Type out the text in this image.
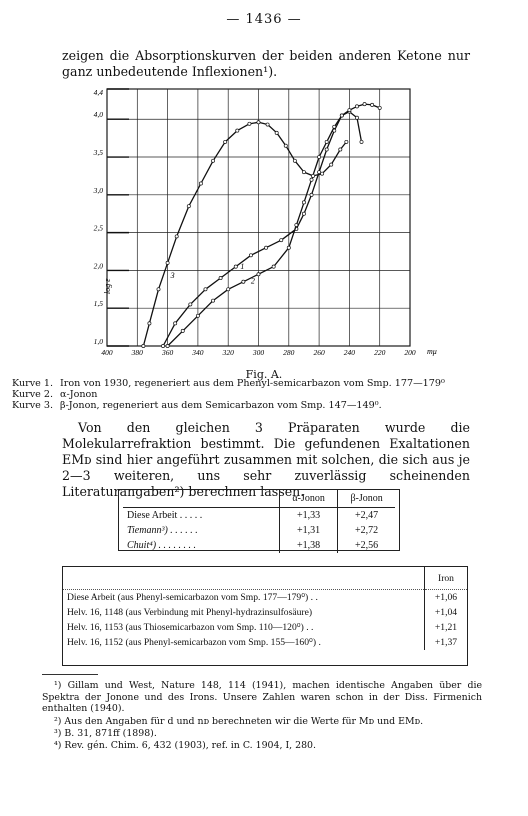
— 1436 —
zeigen die Absorptionskurven der beiden anderen Ketone nur ganz unbedeutende Inflexionen¹).
1,0
1,5
2,0
2,5
3,0
3,5
4,0
4,4
400	380	360	340	320	300	280	260	240	220	200
1
2
3
log ε
mμ
Fig. A.
Kurve 1. Iron von 1930, regeneriert aus dem Phenyl-semicarbazon vom Smp. 177—179⁰
Kurve 2. α-Jonon
Kurve 3. β-Jonon, regeneriert aus dem Semicarbazon vom Smp. 147—149⁰.
Von den gleichen 3 Präparaten wurde die Molekularrefraktion bestimmt. Die gefundenen Exaltationen EMᴅ sind hier angeführt zusammen mit solchen, die sich aus je 2—3 weiteren, uns sehr zuverlässig scheinenden Literaturangaben²) berechnen lassen.
	α-Jonon	β-Jonon
Diese Arbeit . . . . .	+1,33	+2,47
Tiemann³) . . . . . .	+1,31	+2,72
Chuit⁴) . . . . . . . .	+1,38	+2,56
	Iron
Diese Arbeit (aus Phenyl-semicarbazon vom Smp. 177—179⁰) . .	+1,06
Helv. 16, 1148 (aus Verbindung mit Phenyl-hydrazinsulfosäure)	+1,04
Helv. 16, 1153 (aus Thiosemicarbazon vom Smp. 110—120⁰) . .	+1,21
Helv. 16, 1152 (aus Phenyl-semicarbazon vom Smp. 155—160⁰) .	+1,37
¹) Gillam und West, Nature 148, 114 (1941), machen identische Angaben über die Spektra der Jonone und des Irons. Unsere Zahlen waren schon in der Diss. Firmenich enthalten (1940).
²) Aus den Angaben für d und nᴅ berechneten wir die Werte für Mᴅ und EMᴅ.
³) B. 31, 871ff (1898).
⁴) Rev. gén. Chim. 6, 432 (1903), ref. in C. 1904, I, 280.
